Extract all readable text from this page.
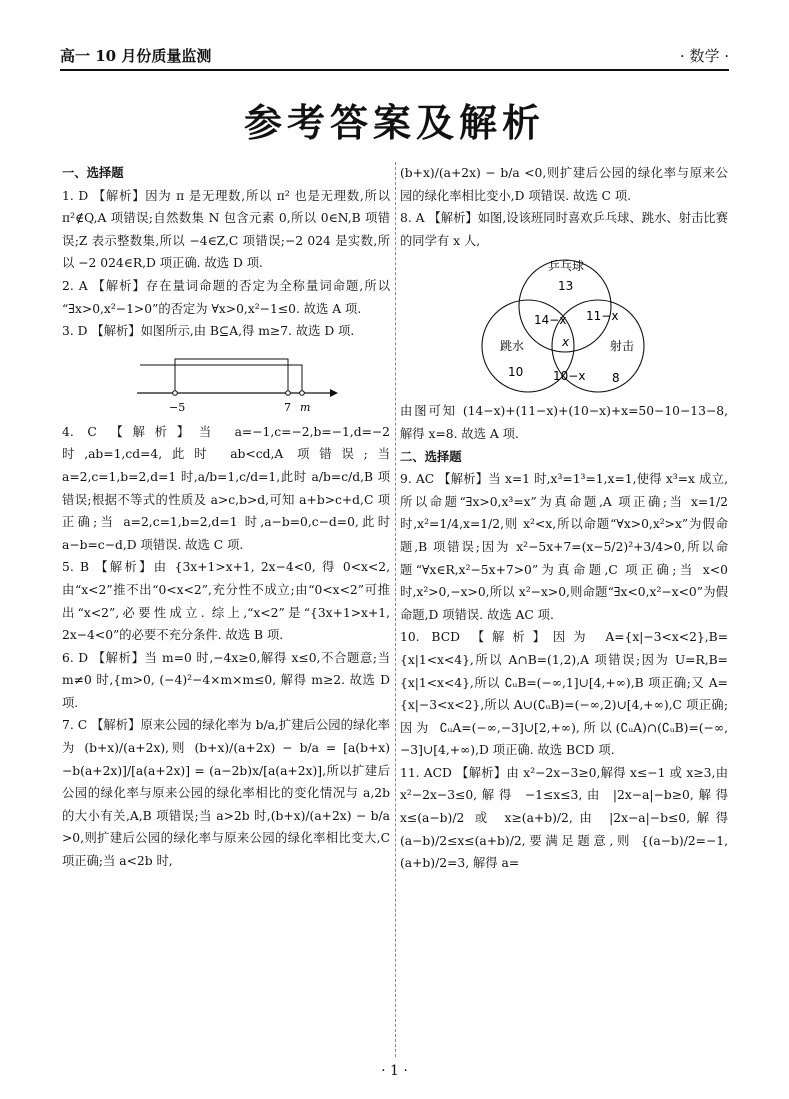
高一 10 月份质量监测	· 数学 ·
参考答案及解析

一、选择题

1. D 【解析】因为 π 是无理数,所以 π² 也是无理数,所以 π²∉Q,A 项错误;自然数集 N 包含元素 0,所以 0∈N,B 项错误;Z 表示整数集,所以 −4∈Z,C 项错误;−2 024 是实数,所以 −2 024∈R,D 项正确. 故选 D 项.

2. A 【解析】存在量词命题的否定为全称量词命题,所以 “∃x>0,x²−1>0”的否定为 ∀x>0,x²−1≤0. 故选 A 项.

3. D 【解析】如图所示,由 B⊆A,得 m≥7. 故选 D 项.

−5	7 m

4. C 【解析】当 a=−1,c=−2,b=−1,d=−2 时,ab=1,cd=4,此时 ab<cd,A 项错误;当 a=2,c=1,b=2,d=1 时,a/b=1,c/d=1,此时 a/b=c/d,B 项错误;根据不等式的性质及 a>c,b>d,可知 a+b>c+d,C 项正确;当 a=2,c=1,b=2,d=1 时,a−b=0,c−d=0,此时 a−b=c−d,D 项错误. 故选 C 项.

5. B 【解析】由 {3x+1>x+1, 2x−4<0, 得 0<x<2,由“x<2”推不出“0<x<2”,充分性不成立;由“0<x<2”可推出“x<2”,必要性成立. 综上,“x<2”是“{3x+1>x+1, 2x−4<0”的必要不充分条件. 故选 B 项.

6. D 【解析】当 m=0 时,−4x≥0,解得 x≤0,不合题意;当 m≠0 时,{m>0, (−4)²−4×m×m≤0, 解得 m≥2. 故选 D 项.

7. C 【解析】原来公园的绿化率为 b/a,扩建后公园的绿化率为 (b+x)/(a+2x),则 (b+x)/(a+2x) − b/a = [a(b+x)−b(a+2x)]/[a(a+2x)] = (a−2b)x/[a(a+2x)],所以扩建后公园的绿化率与原来公园的绿化率相比的变化情况与 a,2b 的大小有关,A,B 项错误;当 a>2b 时,(b+x)/(a+2x) − b/a >0,则扩建后公园的绿化率与原来公园的绿化率相比变大,C 项正确;当 a<2b 时,

(b+x)/(a+2x) − b/a <0,则扩建后公园的绿化率与原来公园的绿化率相比变小,D 项错误. 故选 C 项.

8. A 【解析】如图,设该班同时喜欢乒乓球、跳水、射击比赛的同学有 x 人,

乒乓球
13
14−x 11−x
x
跳水	射击
10 10−x 8

由图可知 (14−x)+(11−x)+(10−x)+x=50−10−13−8,解得 x=8. 故选 A 项.

二、选择题

9. AC 【解析】当 x=1 时,x³=1³=1,x=1,使得 x³=x 成立,所以命题“∃x>0,x³=x”为真命题,A 项正确;当 x=1/2 时,x²=1/4,x=1/2,则 x²<x,所以命题“∀x>0,x²>x”为假命题,B 项错误;因为 x²−5x+7=(x−5/2)²+3/4>0,所以命题“∀x∈R,x²−5x+7>0”为真命题,C 项正确;当 x<0 时,x²>0,−x>0,所以 x²−x>0,则命题“∃x<0,x²−x<0”为假命题,D 项错误. 故选 AC 项.

10. BCD 【解析】因为 A={x|−3<x<2},B={x|1<x<4},所以 A∩B=(1,2),A 项错误;因为 U=R,B={x|1<x<4},所以 ∁ᵤB=(−∞,1]∪[4,+∞),B 项正确;又 A={x|−3<x<2},所以 A∪(∁ᵤB)=(−∞,2)∪[4,+∞),C 项正确;因为 ∁ᵤA=(−∞,−3]∪[2,+∞),所以(∁ᵤA)∩(∁ᵤB)=(−∞,−3]∪[4,+∞),D 项正确. 故选 BCD 项.

11. ACD 【解析】由 x²−2x−3≥0,解得 x≤−1 或 x≥3,由 x²−2x−3≤0,解得 −1≤x≤3,由 |2x−a|−b≥0,解得 x≤(a−b)/2 或 x≥(a+b)/2,由 |2x−a|−b≤0,解得 (a−b)/2≤x≤(a+b)/2,要满足题意,则 {(a−b)/2=−1, (a+b)/2=3, 解得 a=

· 1 ·
